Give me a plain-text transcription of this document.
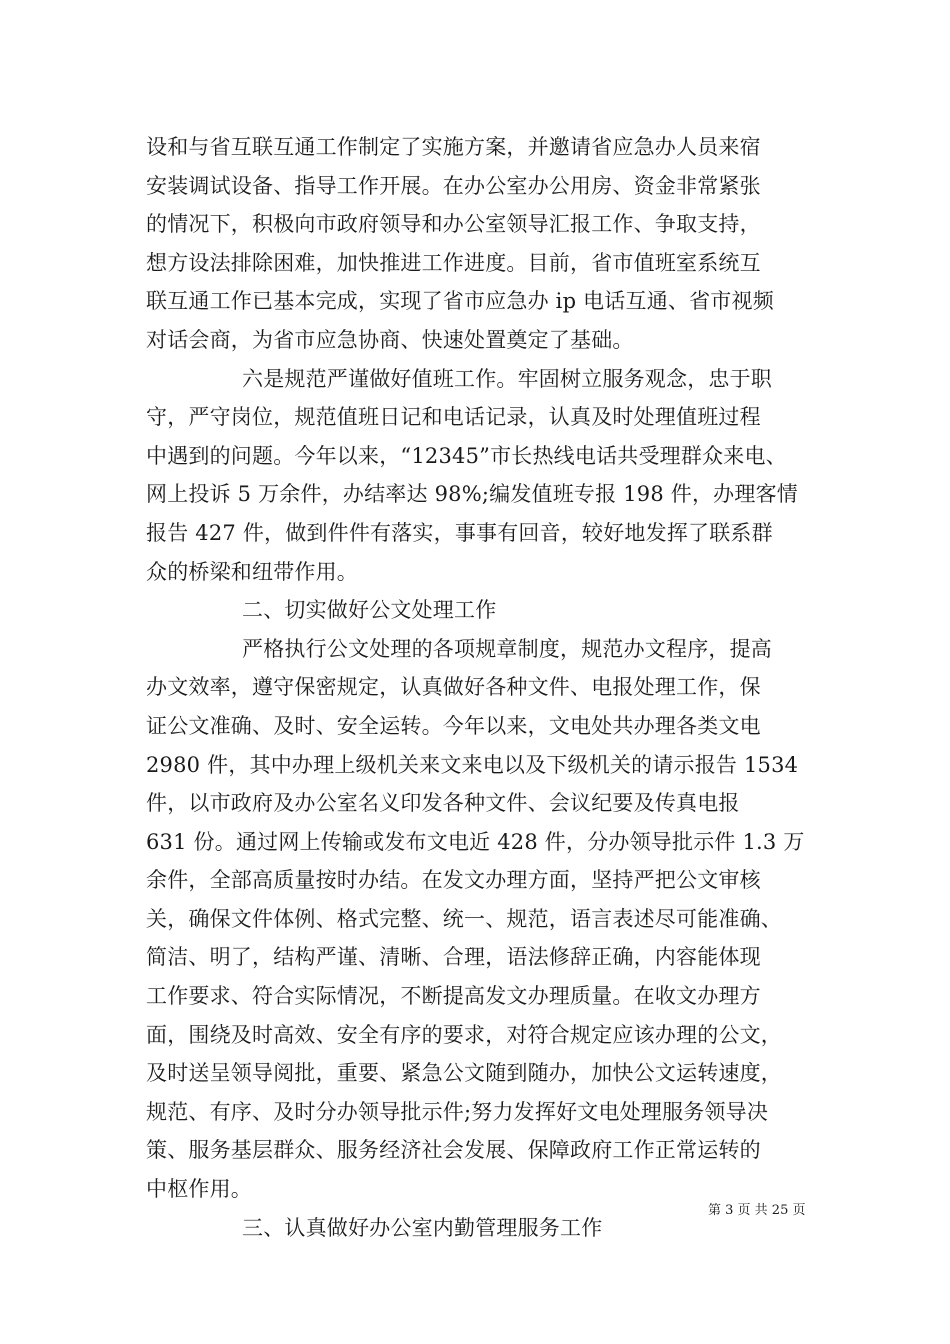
设和与省互联互通工作制定了实施方案，并邀请省应急办人员来宿
安装调试设备、指导工作开展。在办公室办公用房、资金非常紧张
的情况下，积极向市政府领导和办公室领导汇报工作、争取支持，
想方设法排除困难，加快推进工作进度。目前，省市值班室系统互
联互通工作已基本完成，实现了省市应急办 ip 电话互通、省市视频
对话会商，为省市应急协商、快速处置奠定了基础。
六是规范严谨做好值班工作。牢固树立服务观念，忠于职
守，严守岗位，规范值班日记和电话记录，认真及时处理值班过程
中遇到的问题。今年以来，“12345”市长热线电话共受理群众来电、
网上投诉 5 万余件，办结率达 98%;编发值班专报 198 件，办理客情
报告 427 件，做到件件有落实，事事有回音，较好地发挥了联系群
众的桥梁和纽带作用。
二、切实做好公文处理工作
严格执行公文处理的各项规章制度，规范办文程序，提高
办文效率，遵守保密规定，认真做好各种文件、电报处理工作，保
证公文准确、及时、安全运转。今年以来，文电处共办理各类文电
2980 件，其中办理上级机关来文来电以及下级机关的请示报告 1534
件，以市政府及办公室名义印发各种文件、会议纪要及传真电报
631 份。通过网上传输或发布文电近 428 件，分办领导批示件 1.3 万
余件，全部高质量按时办结。在发文办理方面，坚持严把公文审核
关，确保文件体例、格式完整、统一、规范，语言表述尽可能准确、
简洁、明了，结构严谨、清晰、合理，语法修辞正确，内容能体现
工作要求、符合实际情况，不断提高发文办理质量。在收文办理方
面，围绕及时高效、安全有序的要求，对符合规定应该办理的公文，
及时送呈领导阅批，重要、紧急公文随到随办，加快公文运转速度，
规范、有序、及时分办领导批示件;努力发挥好文电处理服务领导决
策、服务基层群众、服务经济社会发展、保障政府工作正常运转的
中枢作用。
三、认真做好办公室内勤管理服务工作
第 3 页 共 25 页
